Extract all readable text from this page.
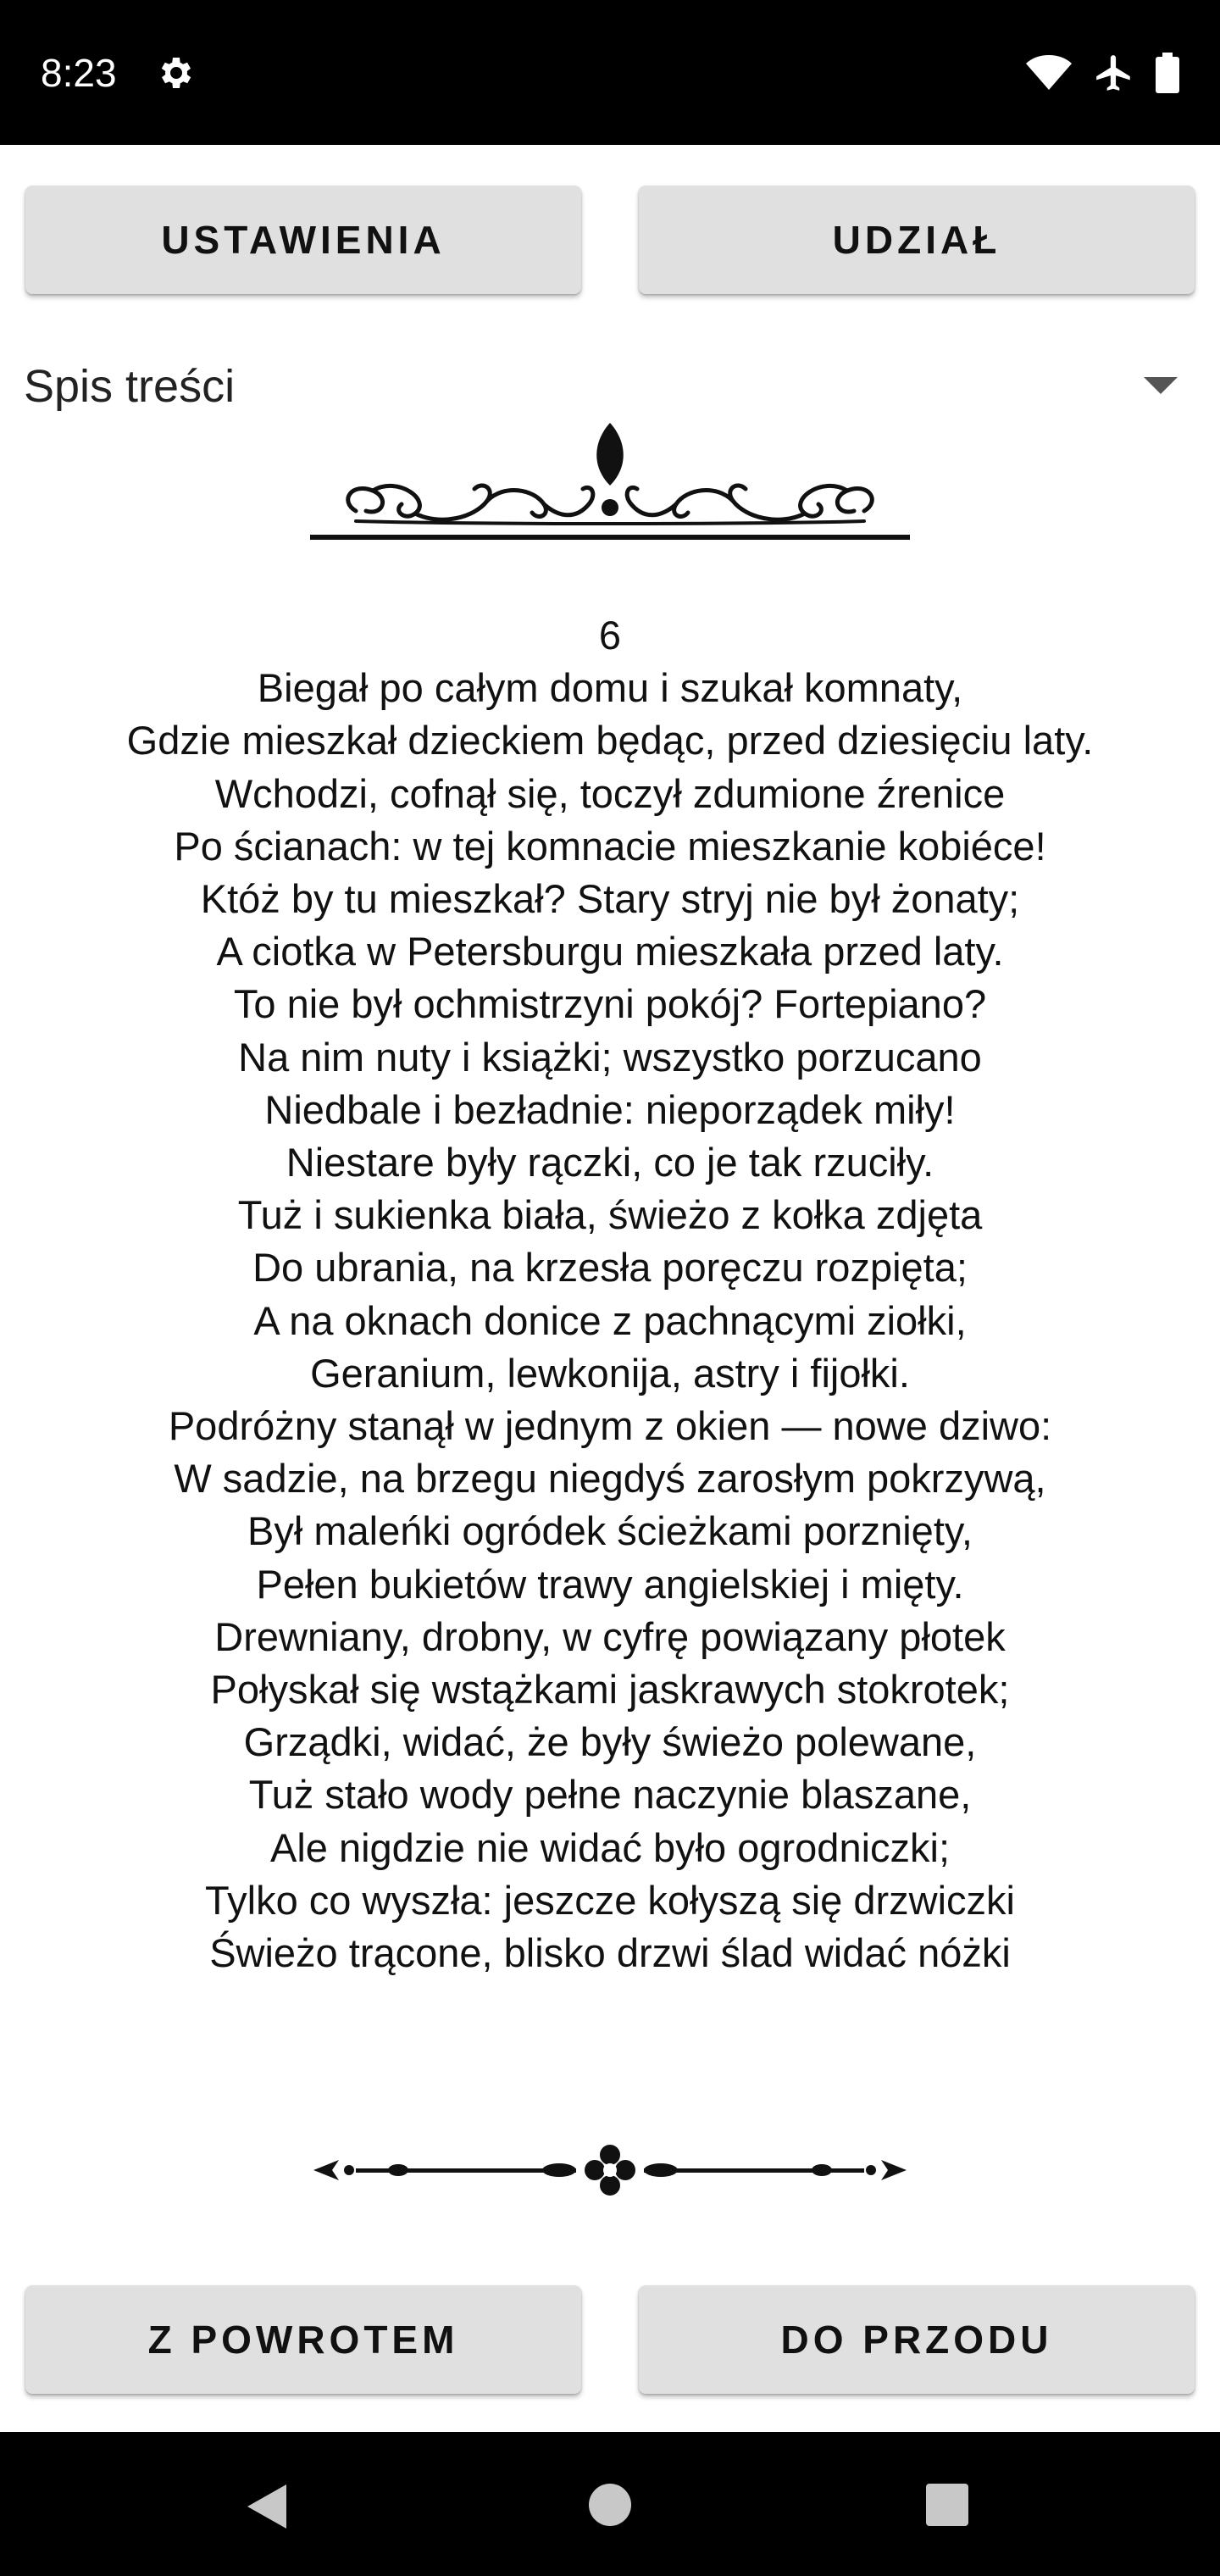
8:23
USTAWIENIA	UDZIAŁ
Spis treści
6
Biegał po całym domu i szukał komnaty,
Gdzie mieszkał dzieckiem będąc, przed dziesięciu laty.
Wchodzi, cofnął się, toczył zdumione źrenice
Po ścianach: w tej komnacie mieszkanie kobiéce!
Któż by tu mieszkał? Stary stryj nie był żonaty;
A ciotka w Petersburgu mieszkała przed laty.
To nie był ochmistrzyni pokój? Fortepiano?
Na nim nuty i książki; wszystko porzucano
Niedbale i bezładnie: nieporządek miły!
Niestare były rączki, co je tak rzuciły.
Tuż i sukienka biała, świeżo z kołka zdjęta
Do ubrania, na krzesła poręczu rozpięta;
A na oknach donice z pachnącymi ziołki,
Geranium, lewkonija, astry i fijołki.
Podróżny stanął w jednym z okien — nowe dziwo:
W sadzie, na brzegu niegdyś zarosłym pokrzywą,
Był maleńki ogródek ścieżkami porznięty,
Pełen bukietów trawy angielskiej i mięty.
Drewniany, drobny, w cyfrę powiązany płotek
Połyskał się wstążkami jaskrawych stokrotek;
Grządki, widać, że były świeżo polewane,
Tuż stało wody pełne naczynie blaszane,
Ale nigdzie nie widać było ogrodniczki;
Tylko co wyszła: jeszcze kołyszą się drzwiczki
Świeżo trącone, blisko drzwi ślad widać nóżki
Z POWROTEM	DO PRZODU
